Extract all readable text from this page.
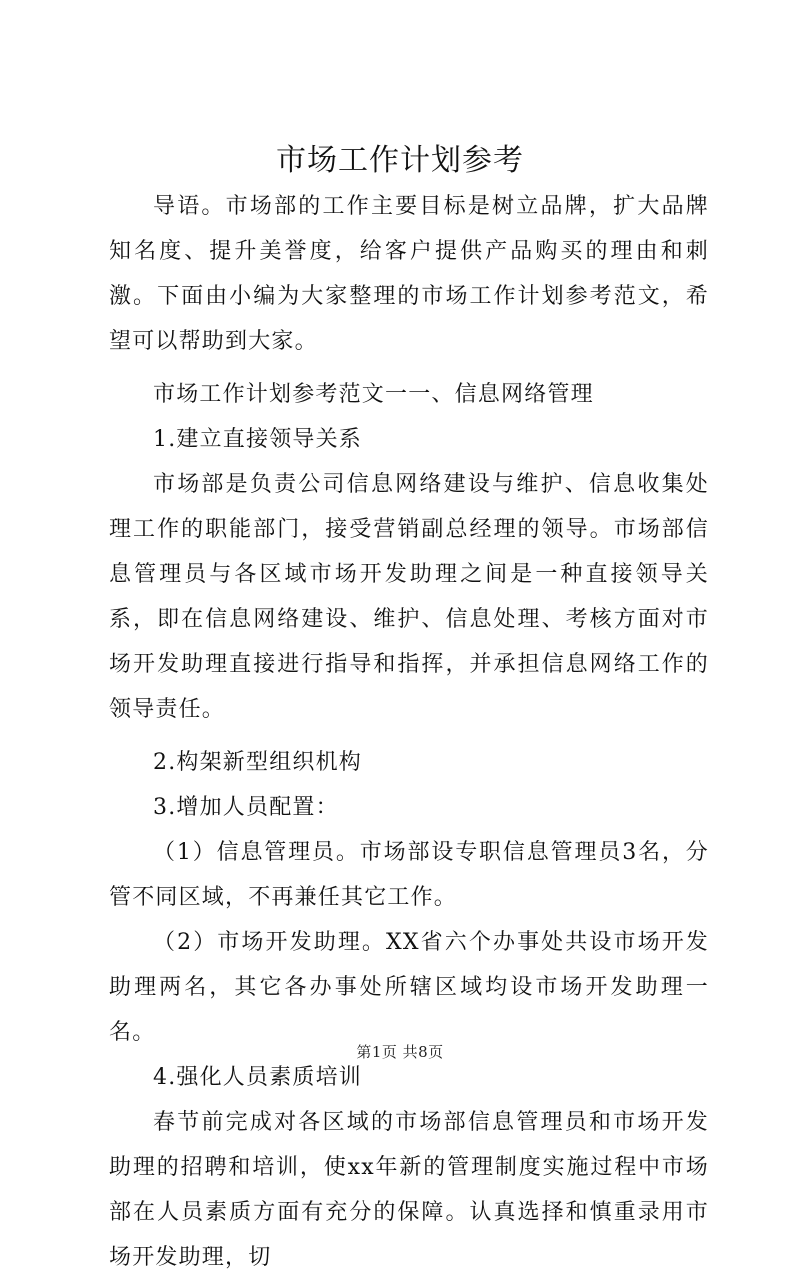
市场工作计划参考

导语。市场部的工作主要目标是树立品牌，扩大品牌知名度、提升美誉度，给客户提供产品购买的理由和刺激。下面由小编为大家整理的市场工作计划参考范文，希望可以帮助到大家。

市场工作计划参考范文一一、信息网络管理

1.建立直接领导关系

市场部是负责公司信息网络建设与维护、信息收集处理工作的职能部门，接受营销副总经理的领导。市场部信息管理员与各区域市场开发助理之间是一种直接领导关系，即在信息网络建设、维护、信息处理、考核方面对市场开发助理直接进行指导和指挥，并承担信息网络工作的领导责任。

2.构架新型组织机构

3.增加人员配置：

（1）信息管理员。市场部设专职信息管理员3名，分管不同区域，不再兼任其它工作。

（2）市场开发助理。XX省六个办事处共设市场开发助理两名，其它各办事处所辖区域均设市场开发助理一名。

4.强化人员素质培训

春节前完成对各区域的市场部信息管理员和市场开发助理的招聘和培训，使xx年新的管理制度实施过程中市场部在人员素质方面有充分的保障。认真选择和慎重录用市场开发助理，切

第1页 共8页
